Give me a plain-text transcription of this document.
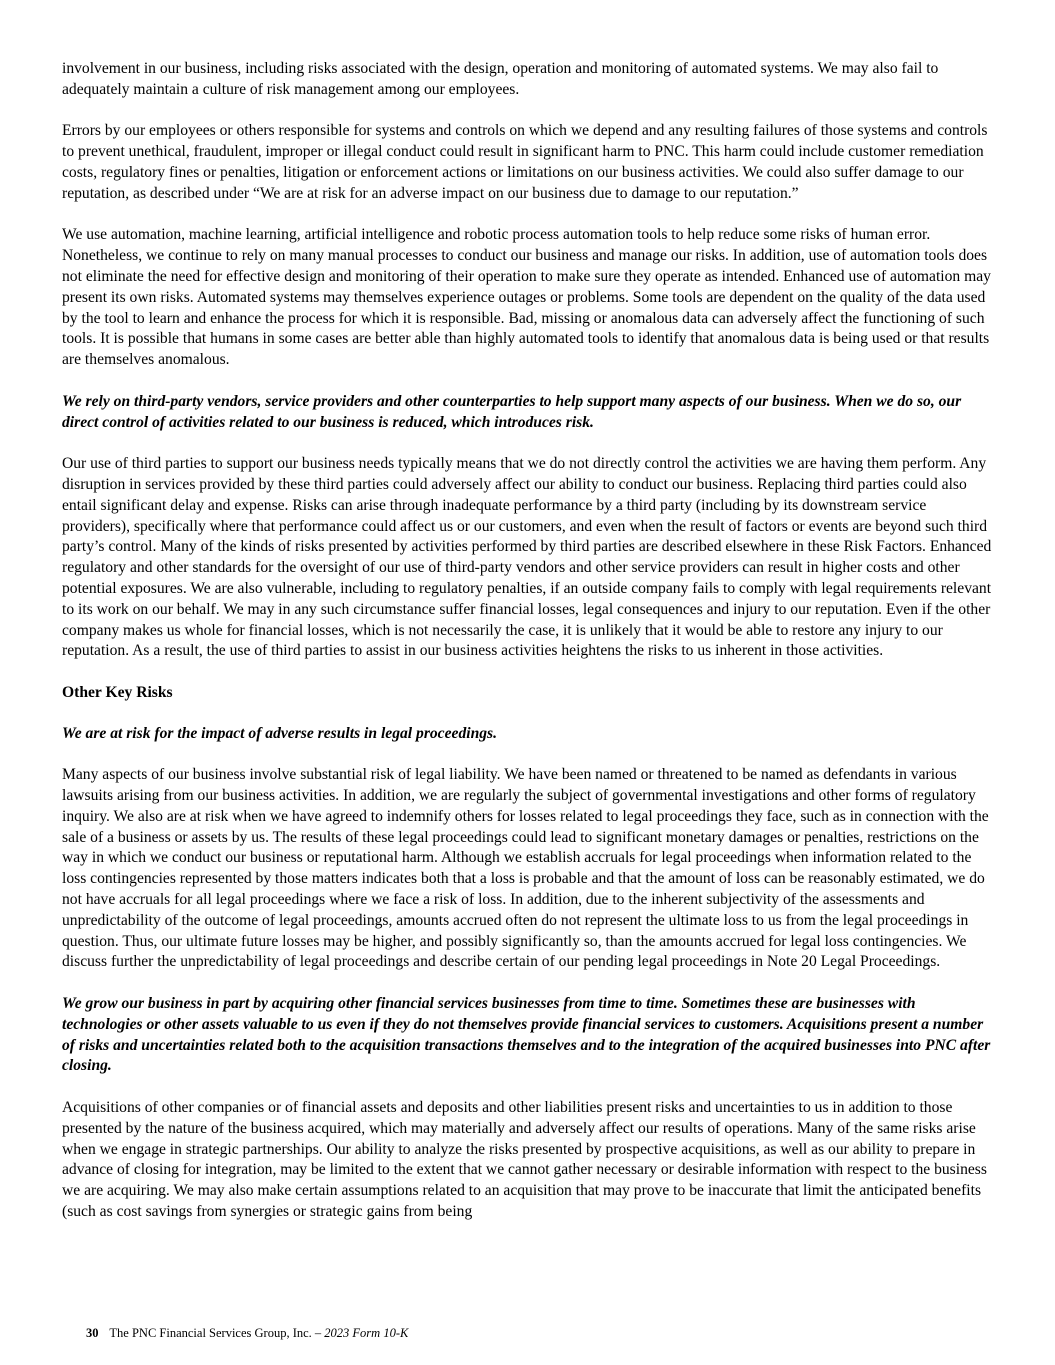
involvement in our business, including risks associated with the design, operation and monitoring of automated systems. We may also fail to adequately maintain a culture of risk management among our employees.

Errors by our employees or others responsible for systems and controls on which we depend and any resulting failures of those systems and controls to prevent unethical, fraudulent, improper or illegal conduct could result in significant harm to PNC. This harm could include customer remediation costs, regulatory fines or penalties, litigation or enforcement actions or limitations on our business activities. We could also suffer damage to our reputation, as described under “We are at risk for an adverse impact on our business due to damage to our reputation.”

We use automation, machine learning, artificial intelligence and robotic process automation tools to help reduce some risks of human error. Nonetheless, we continue to rely on many manual processes to conduct our business and manage our risks. In addition, use of automation tools does not eliminate the need for effective design and monitoring of their operation to make sure they operate as intended. Enhanced use of automation may present its own risks. Automated systems may themselves experience outages or problems. Some tools are dependent on the quality of the data used by the tool to learn and enhance the process for which it is responsible. Bad, missing or anomalous data can adversely affect the functioning of such tools. It is possible that humans in some cases are better able than highly automated tools to identify that anomalous data is being used or that results are themselves anomalous.

We rely on third-party vendors, service providers and other counterparties to help support many aspects of our business. When we do so, our direct control of activities related to our business is reduced, which introduces risk.

Our use of third parties to support our business needs typically means that we do not directly control the activities we are having them perform. Any disruption in services provided by these third parties could adversely affect our ability to conduct our business. Replacing third parties could also entail significant delay and expense. Risks can arise through inadequate performance by a third party (including by its downstream service providers), specifically where that performance could affect us or our customers, and even when the result of factors or events are beyond such third party’s control. Many of the kinds of risks presented by activities performed by third parties are described elsewhere in these Risk Factors. Enhanced regulatory and other standards for the oversight of our use of third-party vendors and other service providers can result in higher costs and other potential exposures. We are also vulnerable, including to regulatory penalties, if an outside company fails to comply with legal requirements relevant to its work on our behalf. We may in any such circumstance suffer financial losses, legal consequences and injury to our reputation. Even if the other company makes us whole for financial losses, which is not necessarily the case, it is unlikely that it would be able to restore any injury to our reputation. As a result, the use of third parties to assist in our business activities heightens the risks to us inherent in those activities.

Other Key Risks

We are at risk for the impact of adverse results in legal proceedings.

Many aspects of our business involve substantial risk of legal liability. We have been named or threatened to be named as defendants in various lawsuits arising from our business activities. In addition, we are regularly the subject of governmental investigations and other forms of regulatory inquiry. We also are at risk when we have agreed to indemnify others for losses related to legal proceedings they face, such as in connection with the sale of a business or assets by us. The results of these legal proceedings could lead to significant monetary damages or penalties, restrictions on the way in which we conduct our business or reputational harm. Although we establish accruals for legal proceedings when information related to the loss contingencies represented by those matters indicates both that a loss is probable and that the amount of loss can be reasonably estimated, we do not have accruals for all legal proceedings where we face a risk of loss. In addition, due to the inherent subjectivity of the assessments and unpredictability of the outcome of legal proceedings, amounts accrued often do not represent the ultimate loss to us from the legal proceedings in question. Thus, our ultimate future losses may be higher, and possibly significantly so, than the amounts accrued for legal loss contingencies. We discuss further the unpredictability of legal proceedings and describe certain of our pending legal proceedings in Note 20 Legal Proceedings.

We grow our business in part by acquiring other financial services businesses from time to time. Sometimes these are businesses with technologies or other assets valuable to us even if they do not themselves provide financial services to customers. Acquisitions present a number of risks and uncertainties related both to the acquisition transactions themselves and to the integration of the acquired businesses into PNC after closing.

Acquisitions of other companies or of financial assets and deposits and other liabilities present risks and uncertainties to us in addition to those presented by the nature of the business acquired, which may materially and adversely affect our results of operations. Many of the same risks arise when we engage in strategic partnerships. Our ability to analyze the risks presented by prospective acquisitions, as well as our ability to prepare in advance of closing for integration, may be limited to the extent that we cannot gather necessary or desirable information with respect to the business we are acquiring. We may also make certain assumptions related to an acquisition that may prove to be inaccurate that limit the anticipated benefits (such as cost savings from synergies or strategic gains from being

30 The PNC Financial Services Group, Inc. – 2023 Form 10-K
